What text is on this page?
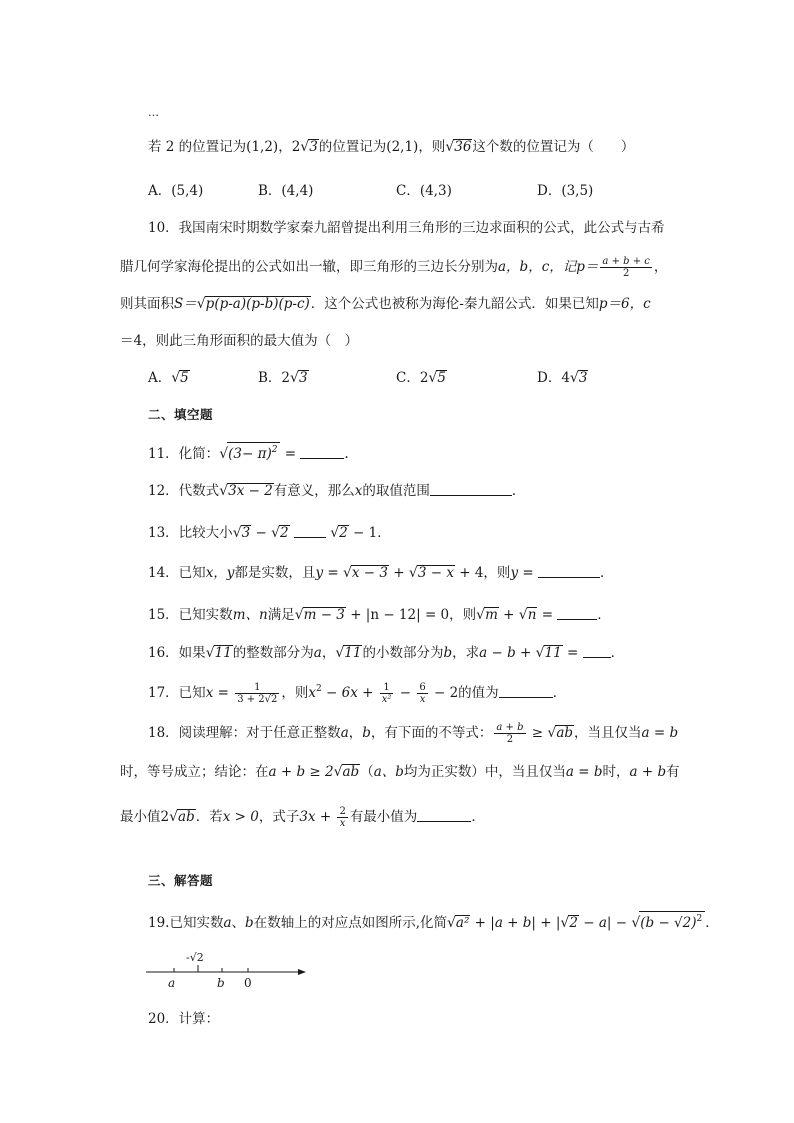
…
若 2 的位置记为(1,2)，2√3的位置记为(2,1)，则√36这个数的位置记为（　　）
A．(5,4)	B．(4,4)	C．(4,3)	D．(3,5)
10．我国南宋时期数学家秦九韶曾提出利用三角形的三边求面积的公式，此公式与古希
腊几何学家海伦提出的公式如出一辙，即三角形的三边长分别为a，b，c，记$p= \frac{a + b + c}{2}$ ，
则其面积S＝√p(p-a)(p-b)(p-c)．这个公式也被称为海伦-秦九韶公式．如果已知p＝6，c
＝4，则此三角形面积的最大值为（　）
A．√5	B．2√3	C．2√5	D．4√3
二、填空题
11．化简：$√(3- \pi)^2$ =	.
12．代数式√3x − 2有意义，那么x的取值范围	．
13．比较大小√3 − √2	√2 − 1．
14．已知x，y都是实数，且y = √x − 3 + √3 − x + 4，则y =	．
15．已知实数m、n满足√m − 3 + |n − 12| = 0，则√m + √n =	．
16．如果√11的整数部分为a，√11的小数部分为b，求a − b + √11 = ．
17．已知$x = \frac{1}{3 + 2√2}$ ，则$x^2 - 6x + \frac{1}{\text{x²}} - \frac{6}{x} - 2$的值为	．
18．阅读理解：对于任意正整数a，b，有下面的不等式： $\frac{a + b}{2} \ge √ab$，当且仅当a = b
时，等号成立；结论：在a + b ≥ 2√ab（a、b均为正实数）中，当且仅当a = b时，a + b有
最小值2√ab．若x > 0，式子$3x + \frac{2}{x}$ 有最小值为	．
三、解答题
19.已知实数a、b在数轴上的对应点如图所示,化简$√a^2 + |a + b| + |√2 - a| - √(b - √2)^2$ ．
-√2
a	b 0
20．计算：
